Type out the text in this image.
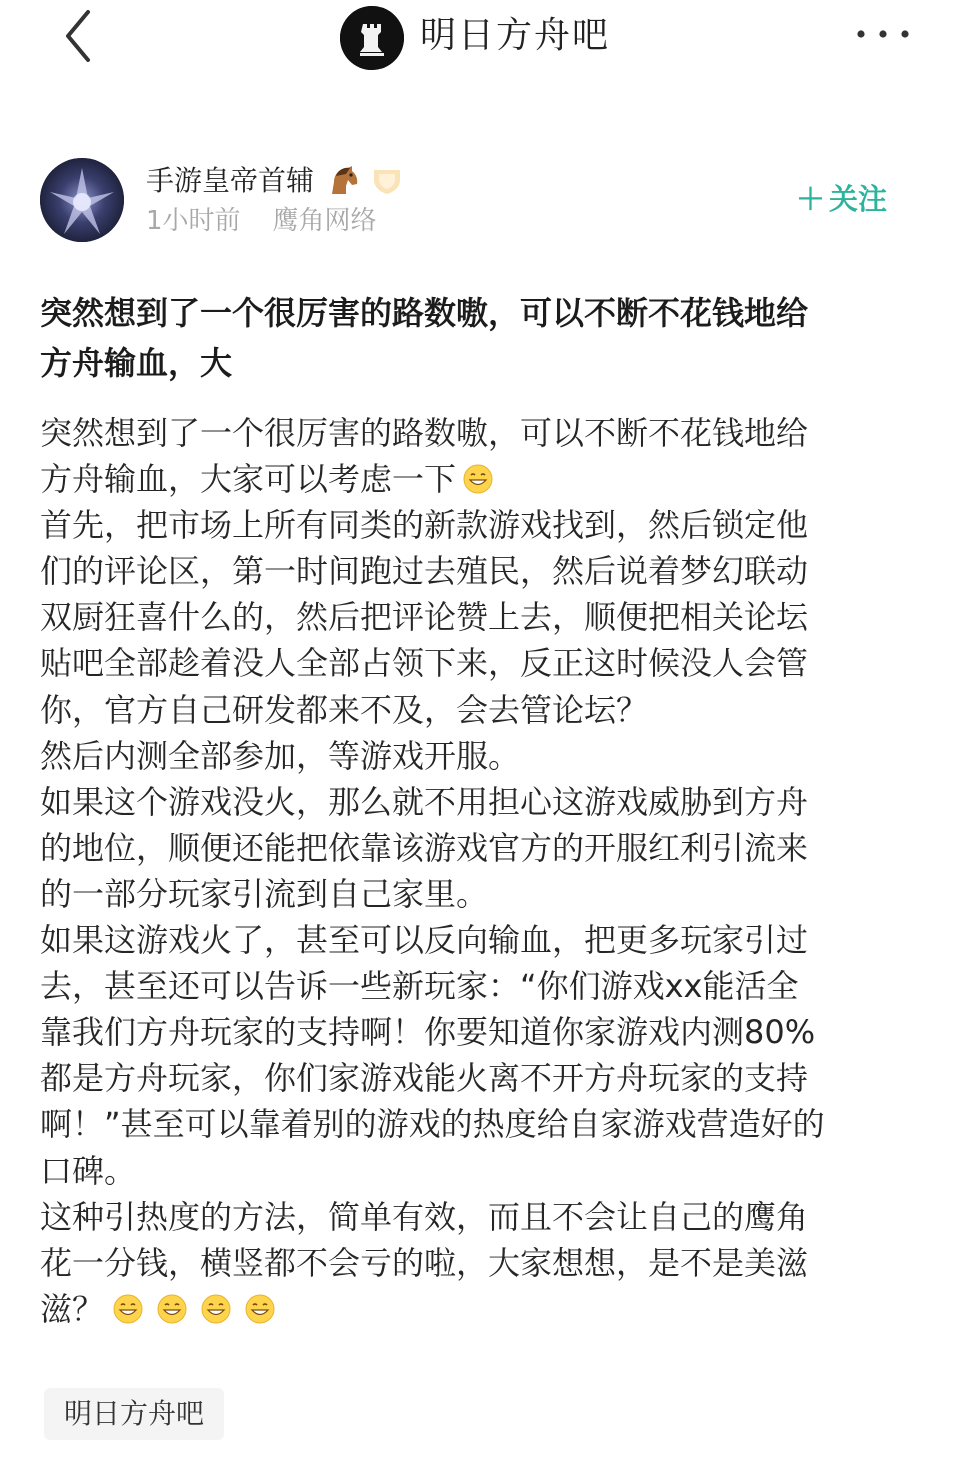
明日方舟吧
手游皇帝首辅
1小时前 鹰角网络
＋ 关注
突然想到了一个很厉害的路数嗷，可以不断不花钱地给
方舟输血，大

突然想到了一个很厉害的路数嗷，可以不断不花钱地给

方舟输血，大家可以考虑一下

首先，把市场上所有同类的新款游戏找到，然后锁定他

们的评论区，第一时间跑过去殖民，然后说着梦幻联动

双厨狂喜什么的，然后把评论赞上去，顺便把相关论坛

贴吧全部趁着没人全部占领下来，反正这时候没人会管

你，官方自己研发都来不及，会去管论坛？

然后内测全部参加，等游戏开服。

如果这个游戏没火，那么就不用担心这游戏威胁到方舟

的地位，顺便还能把依靠该游戏官方的开服红利引流来

的一部分玩家引流到自己家里。

如果这游戏火了，甚至可以反向输血，把更多玩家引过

去，甚至还可以告诉一些新玩家：“你们游戏xx能活全

靠我们方舟玩家的支持啊！你要知道你家游戏内测80%

都是方舟玩家，你们家游戏能火离不开方舟玩家的支持

啊！”甚至可以靠着别的游戏的热度给自家游戏营造好的

口碑。

这种引热度的方法，简单有效，而且不会让自己的鹰角

花一分钱，横竖都不会亏的啦，大家想想，是不是美滋

滋？

明日方舟吧
